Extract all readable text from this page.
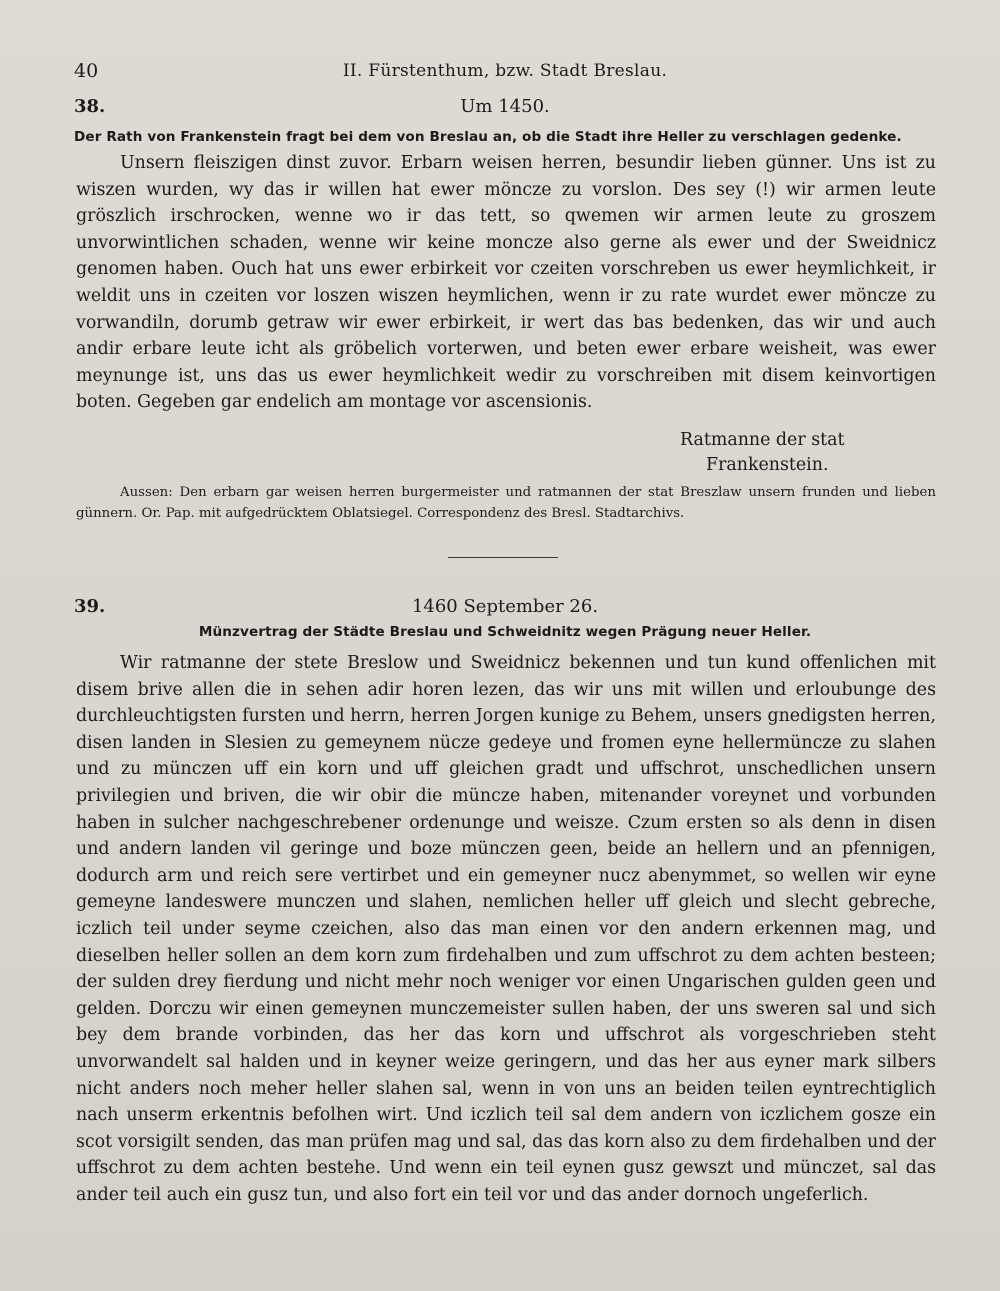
40	II. Fürstenthum, bzw. Stadt Breslau.
38.	Um 1450.
Der Rath von Frankenstein fragt bei dem von Breslau an, ob die Stadt ihre Heller zu verschlagen gedenke.

Unsern fleiszigen dinst zuvor. Erbarn weisen herren, besundir lieben günner. Uns ist zu wiszen wurden, wy das ir willen hat ewer möncze zu vorslon. Des sey (!) wir armen leute gröszlich irschrocken, wenne wo ir das tett, so qwemen wir armen leute zu groszem unvorwintlichen schaden, wenne wir keine moncze also gerne als ewer und der Sweidnicz genomen haben. Ouch hat uns ewer erbirkeit vor czeiten vorschreben us ewer heymlichkeit, ir weldit uns in czeiten vor loszen wiszen heymlichen, wenn ir zu rate wurdet ewer möncze zu vorwandiln, dorumb getraw wir ewer erbirkeit, ir wert das bas bedenken, das wir und auch andir erbare leute icht als gröbelich vorterwen, und beten ewer erbare weisheit, was ewer meynunge ist, uns das us ewer heymlichkeit wedir zu vorschreiben mit disem keinvortigen boten. Gegeben gar endelich am montage vor ascensionis.

Ratmanne der stat
Frankenstein.

Aussen: Den erbarn gar weisen herren burgermeister und ratmannen der stat Breszlaw unsern frunden und lieben günnern. Or. Pap. mit aufgedrücktem Oblatsiegel. Correspondenz des Bresl. Stadtarchivs.

39.	1460 September 26.
Münzvertrag der Städte Breslau und Schweidnitz wegen Prägung neuer Heller.

Wir ratmanne der stete Breslow und Sweidnicz bekennen und tun kund offenlichen mit disem brive allen die in sehen adir horen lezen, das wir uns mit willen und erloubunge des durchleuchtigsten fursten und herrn, herren Jorgen kunige zu Behem, unsers gnedigsten herren, disen landen in Slesien zu gemeynem nücze gedeye und fromen eyne hellermüncze zu slahen und zu münczen uff ein korn und uff gleichen gradt und uffschrot, unschedlichen unsern privilegien und briven, die wir obir die müncze haben, mitenander voreynet und vorbunden haben in sulcher nachgeschrebener ordenunge und weisze. Czum ersten so als denn in disen und andern landen vil geringe und boze münczen geen, beide an hellern und an pfennigen, dodurch arm und reich sere vertirbet und ein gemeyner nucz abenymmet, so wellen wir eyne gemeyne landeswere munczen und slahen, nemlichen heller uff gleich und slecht gebreche, iczlich teil under seyme czeichen, also das man einen vor den andern erkennen mag, und dieselben heller sollen an dem korn zum firdehalben und zum uffschrot zu dem achten besteen; der sulden drey fierdung und nicht mehr noch weniger vor einen Ungarischen gulden geen und gelden. Dorczu wir einen gemeynen munczemeister sullen haben, der uns sweren sal und sich bey dem brande vorbinden, das her das korn und uffschrot als vorgeschrieben steht unvorwandelt sal halden und in keyner weize geringern, und das her aus eyner mark silbers nicht anders noch meher heller slahen sal, wenn in von uns an beiden teilen eyntrechtiglich nach unserm erkentnis befolhen wirt. Und iczlich teil sal dem andern von iczlichem gosze ein scot vorsigilt senden, das man prüfen mag und sal, das das korn also zu dem firdehalben und der uffschrot zu dem achten bestehe. Und wenn ein teil eynen gusz gewszt und münczet, sal das ander teil auch ein gusz tun, und also fort ein teil vor und das ander dornoch ungeferlich.
